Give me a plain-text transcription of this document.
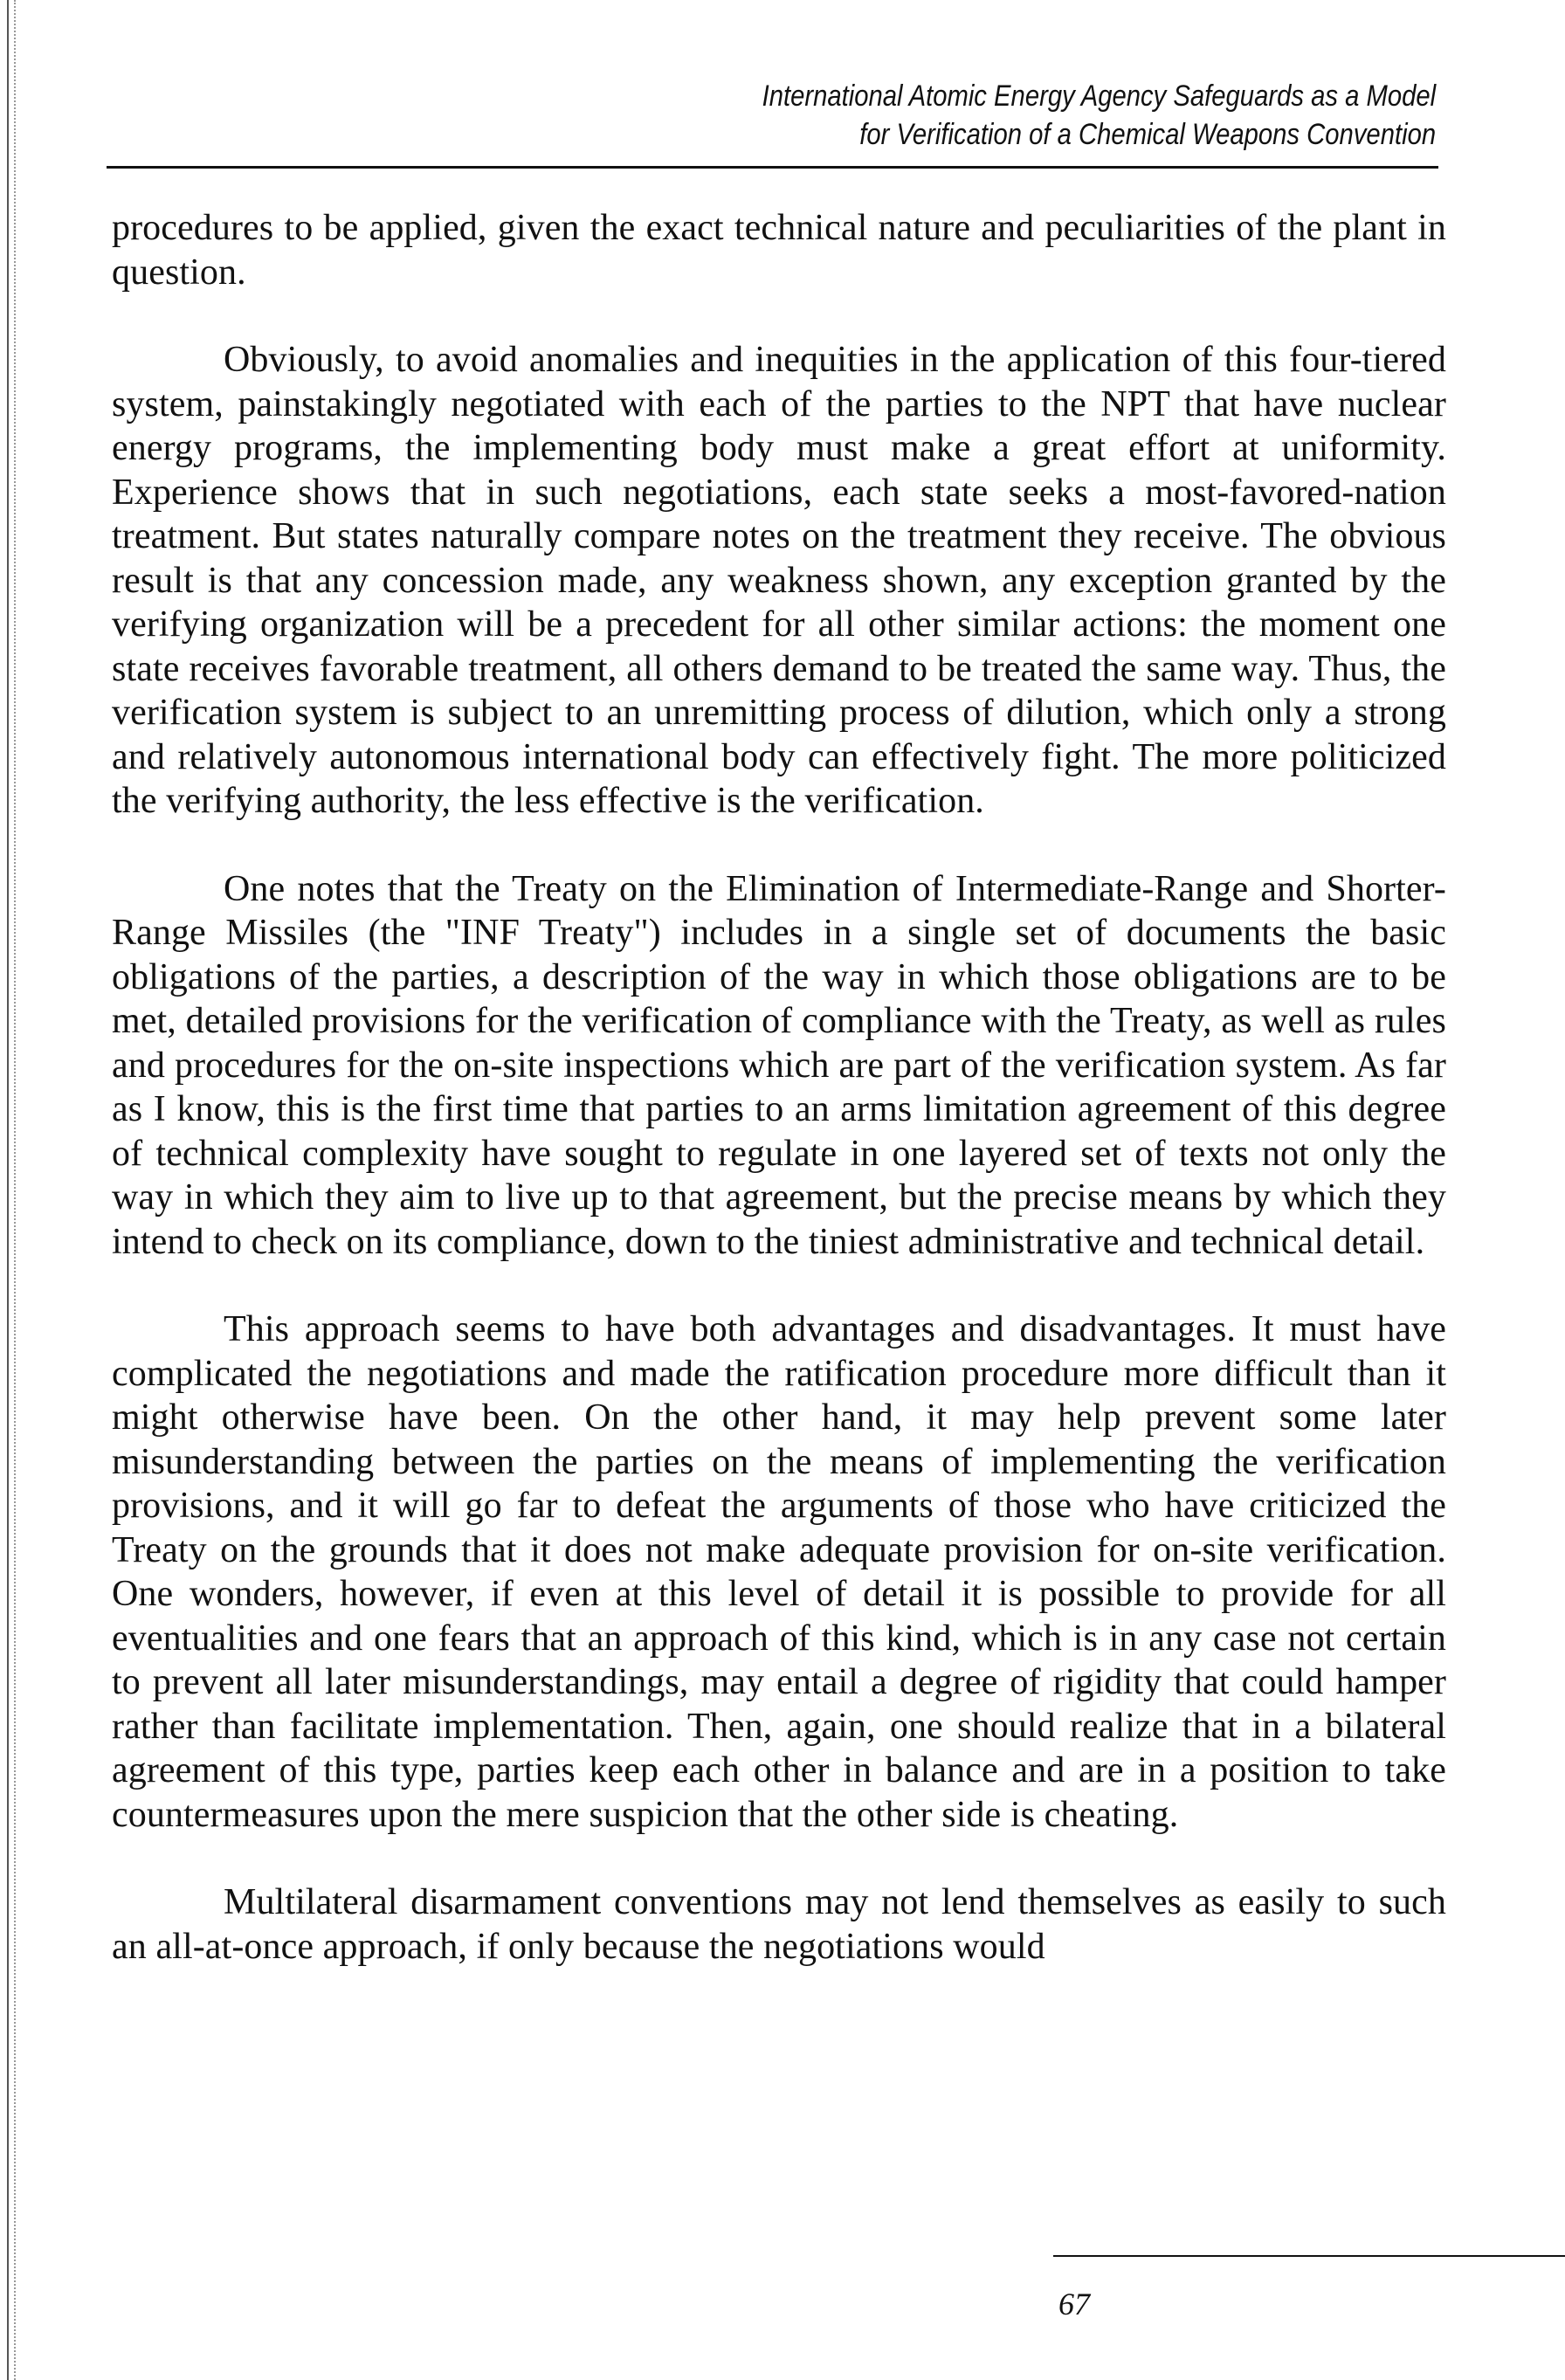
International Atomic Energy Agency Safeguards as a Model
for Verification of a Chemical Weapons Convention

procedures to be applied, given the exact technical nature and peculiarities of the plant in question.

Obviously, to avoid anomalies and inequities in the application of this four-tiered system, painstakingly negotiated with each of the parties to the NPT that have nuclear energy programs, the implementing body must make a great effort at uniformity. Experience shows that in such negotiations, each state seeks a most-favored-nation treatment. But states naturally compare notes on the treatment they receive. The obvious result is that any concession made, any weakness shown, any exception granted by the verifying organization will be a precedent for all other similar actions: the moment one state receives favorable treatment, all others demand to be treated the same way. Thus, the verification system is subject to an unremitting process of dilution, which only a strong and relatively autonomous international body can effectively fight. The more politicized the verifying authority, the less effective is the verification.

One notes that the Treaty on the Elimination of Intermediate-Range and Shorter-Range Missiles (the "INF Treaty") includes in a single set of documents the basic obligations of the parties, a description of the way in which those obligations are to be met, detailed provisions for the verification of compliance with the Treaty, as well as rules and procedures for the on-site inspections which are part of the verification system. As far as I know, this is the first time that parties to an arms limitation agreement of this degree of technical complexity have sought to regulate in one layered set of texts not only the way in which they aim to live up to that agreement, but the precise means by which they intend to check on its compliance, down to the tiniest administrative and technical detail.

This approach seems to have both advantages and disadvantages. It must have complicated the negotiations and made the ratification procedure more difficult than it might otherwise have been. On the other hand, it may help prevent some later misunderstanding between the parties on the means of implementing the verification provisions, and it will go far to defeat the arguments of those who have criticized the Treaty on the grounds that it does not make adequate provision for on-site verification. One wonders, however, if even at this level of detail it is possible to provide for all eventualities and one fears that an approach of this kind, which is in any case not certain to prevent all later misunderstandings, may entail a degree of rigidity that could hamper rather than facilitate implementation. Then, again, one should realize that in a bilateral agreement of this type, parties keep each other in balance and are in a position to take countermeasures upon the mere suspicion that the other side is cheating.

Multilateral disarmament conventions may not lend themselves as easily to such an all-at-once approach, if only because the negotiations would

67
